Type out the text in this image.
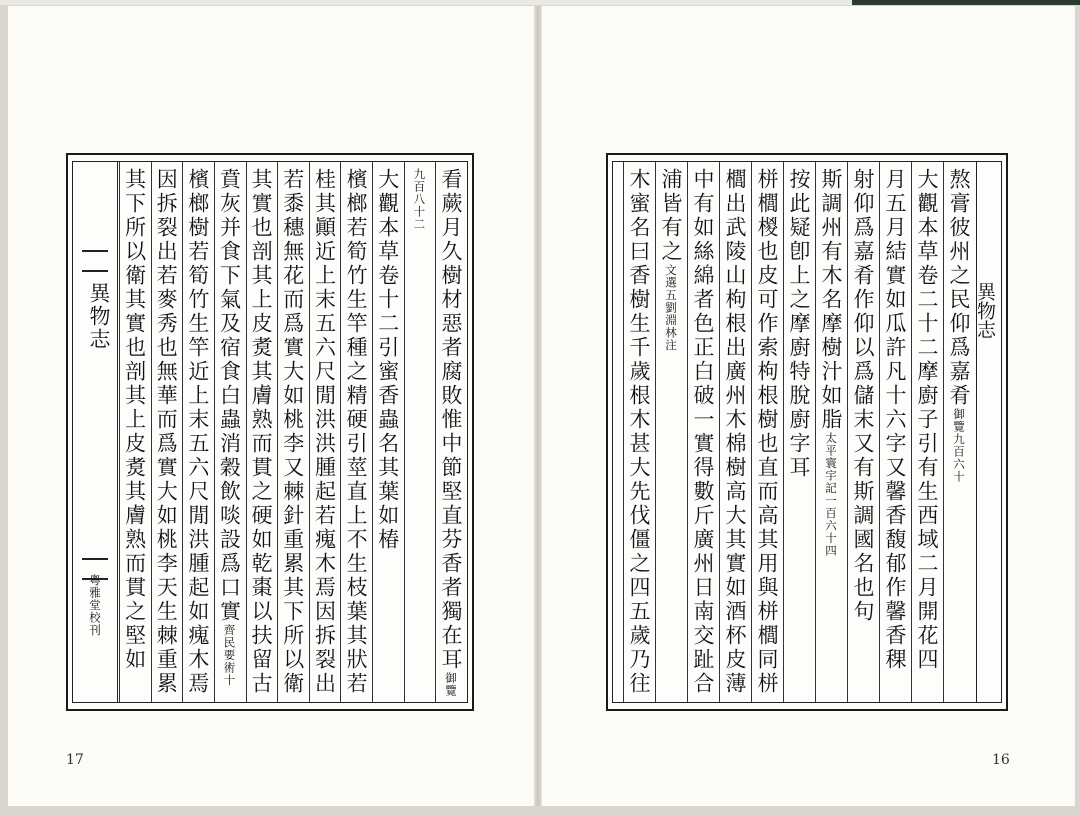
異物志
粵雅堂校刊	看蕨月久樹材惡者腐敗惟中節堅直芬香者獨在耳御覽
九百八十二
大觀本草卷十二引蜜香蟲名其葉如椿
檳榔若筍竹生竿種之精硬引莖直上不生枝葉其狀若
桂其顚近上末五六尺閒洪洪腫起若瘣木焉因拆裂出
若黍穗無花而爲實大如桃李又棘針重累其下所以衛
其實也剖其上皮煑其膚熟而貫之硬如乾棗以扶留古
賁灰并食下氣及宿食白蟲消穀飲啖設爲口實齊民要術十
檳榔樹若筍竹生竿近上末五六尺閒洪腫起如瘣木焉
因拆裂出若麥秀也無華而爲實大如桃李天生棘重累
其下所以衛其實也剖其上皮煑其膚熟而貫之堅如	熬膏彼州之民仰爲嘉肴御覽九百六十
大觀本草卷二十二摩廚子引有生西域二月開花四
月五月結實如瓜許凡十六字又馨香馥郁作馨香稞
射仰爲嘉肴作仰以爲儲末又有斯調國名也句
斯調州有木名摩樹汁如脂太平寰宇記一百六十四
按此疑卽上之摩廚特脫廚字耳
栟櫚椶也皮可作索枸根樹也直而高其用與栟櫚同栟
櫚出武陵山枸根出廣州木棉樹高大其實如酒杯皮薄
中有如絲綿者色正白破一實得數斤廣州日南交趾合
浦皆有之文選五劉淵林注
木蜜名曰香樹生千歲根木甚大先伐僵之四五歲乃往	異物志
17	16
